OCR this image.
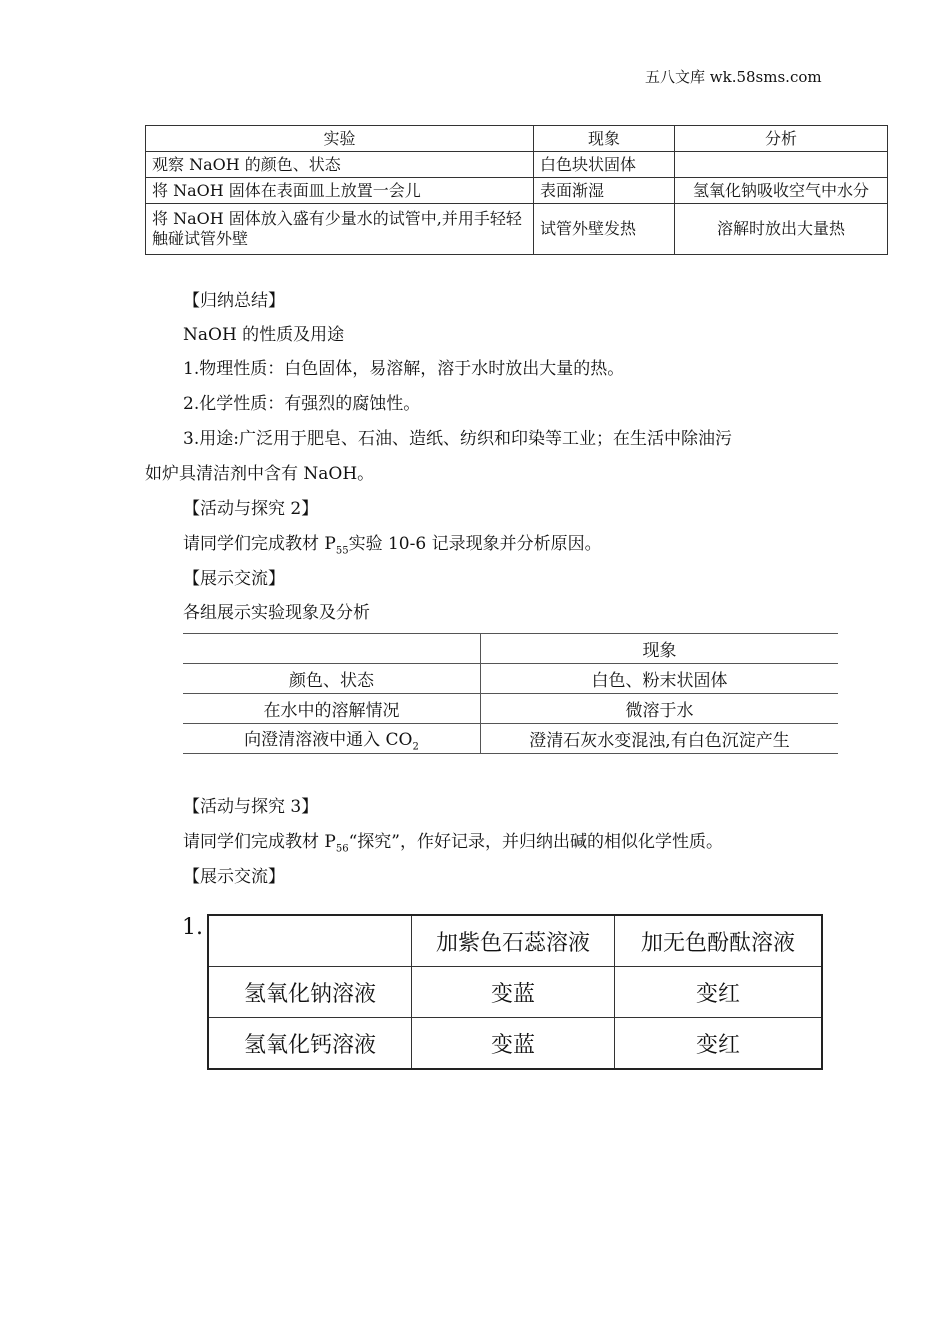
五八文库 wk.58sms.com
实验	现象	分析
观察 NaOH 的颜色、状态	白色块状固体	
将 NaOH 固体在表面皿上放置一会儿	表面渐湿	氢氧化钠吸收空气中水分
将 NaOH 固体放入盛有少量水的试管中,并用手轻轻触碰试管外壁	试管外壁发热	溶解时放出大量热
【归纳总结】
NaOH 的性质及用途
1.物理性质：白色固体，易溶解，溶于水时放出大量的热。
2.化学性质：有强烈的腐蚀性。
3.用途:广泛用于肥皂、石油、造纸、纺织和印染等工业；在生活中除油污
如炉具清洁剂中含有 NaOH。
【活动与探究 2】
请同学们完成教材 $P_{55}$实验 10-6 记录现象并分析原因。
【展示交流】
各组展示实验现象及分析
	现象
颜色、状态	白色、粉末状固体
在水中的溶解情况	微溶于水
向澄清溶液中通入 $CO_2$	澄清石灰水变混浊,有白色沉淀产生
【活动与探究 3】
请同学们完成教材 $P_{56}“$探究”，作好记录，并归纳出碱的相似化学性质。
【展示交流】
1.
	加紫色石蕊溶液	加无色酚酞溶液
氢氧化钠溶液	变蓝	变红
氢氧化钙溶液	变蓝	变红
